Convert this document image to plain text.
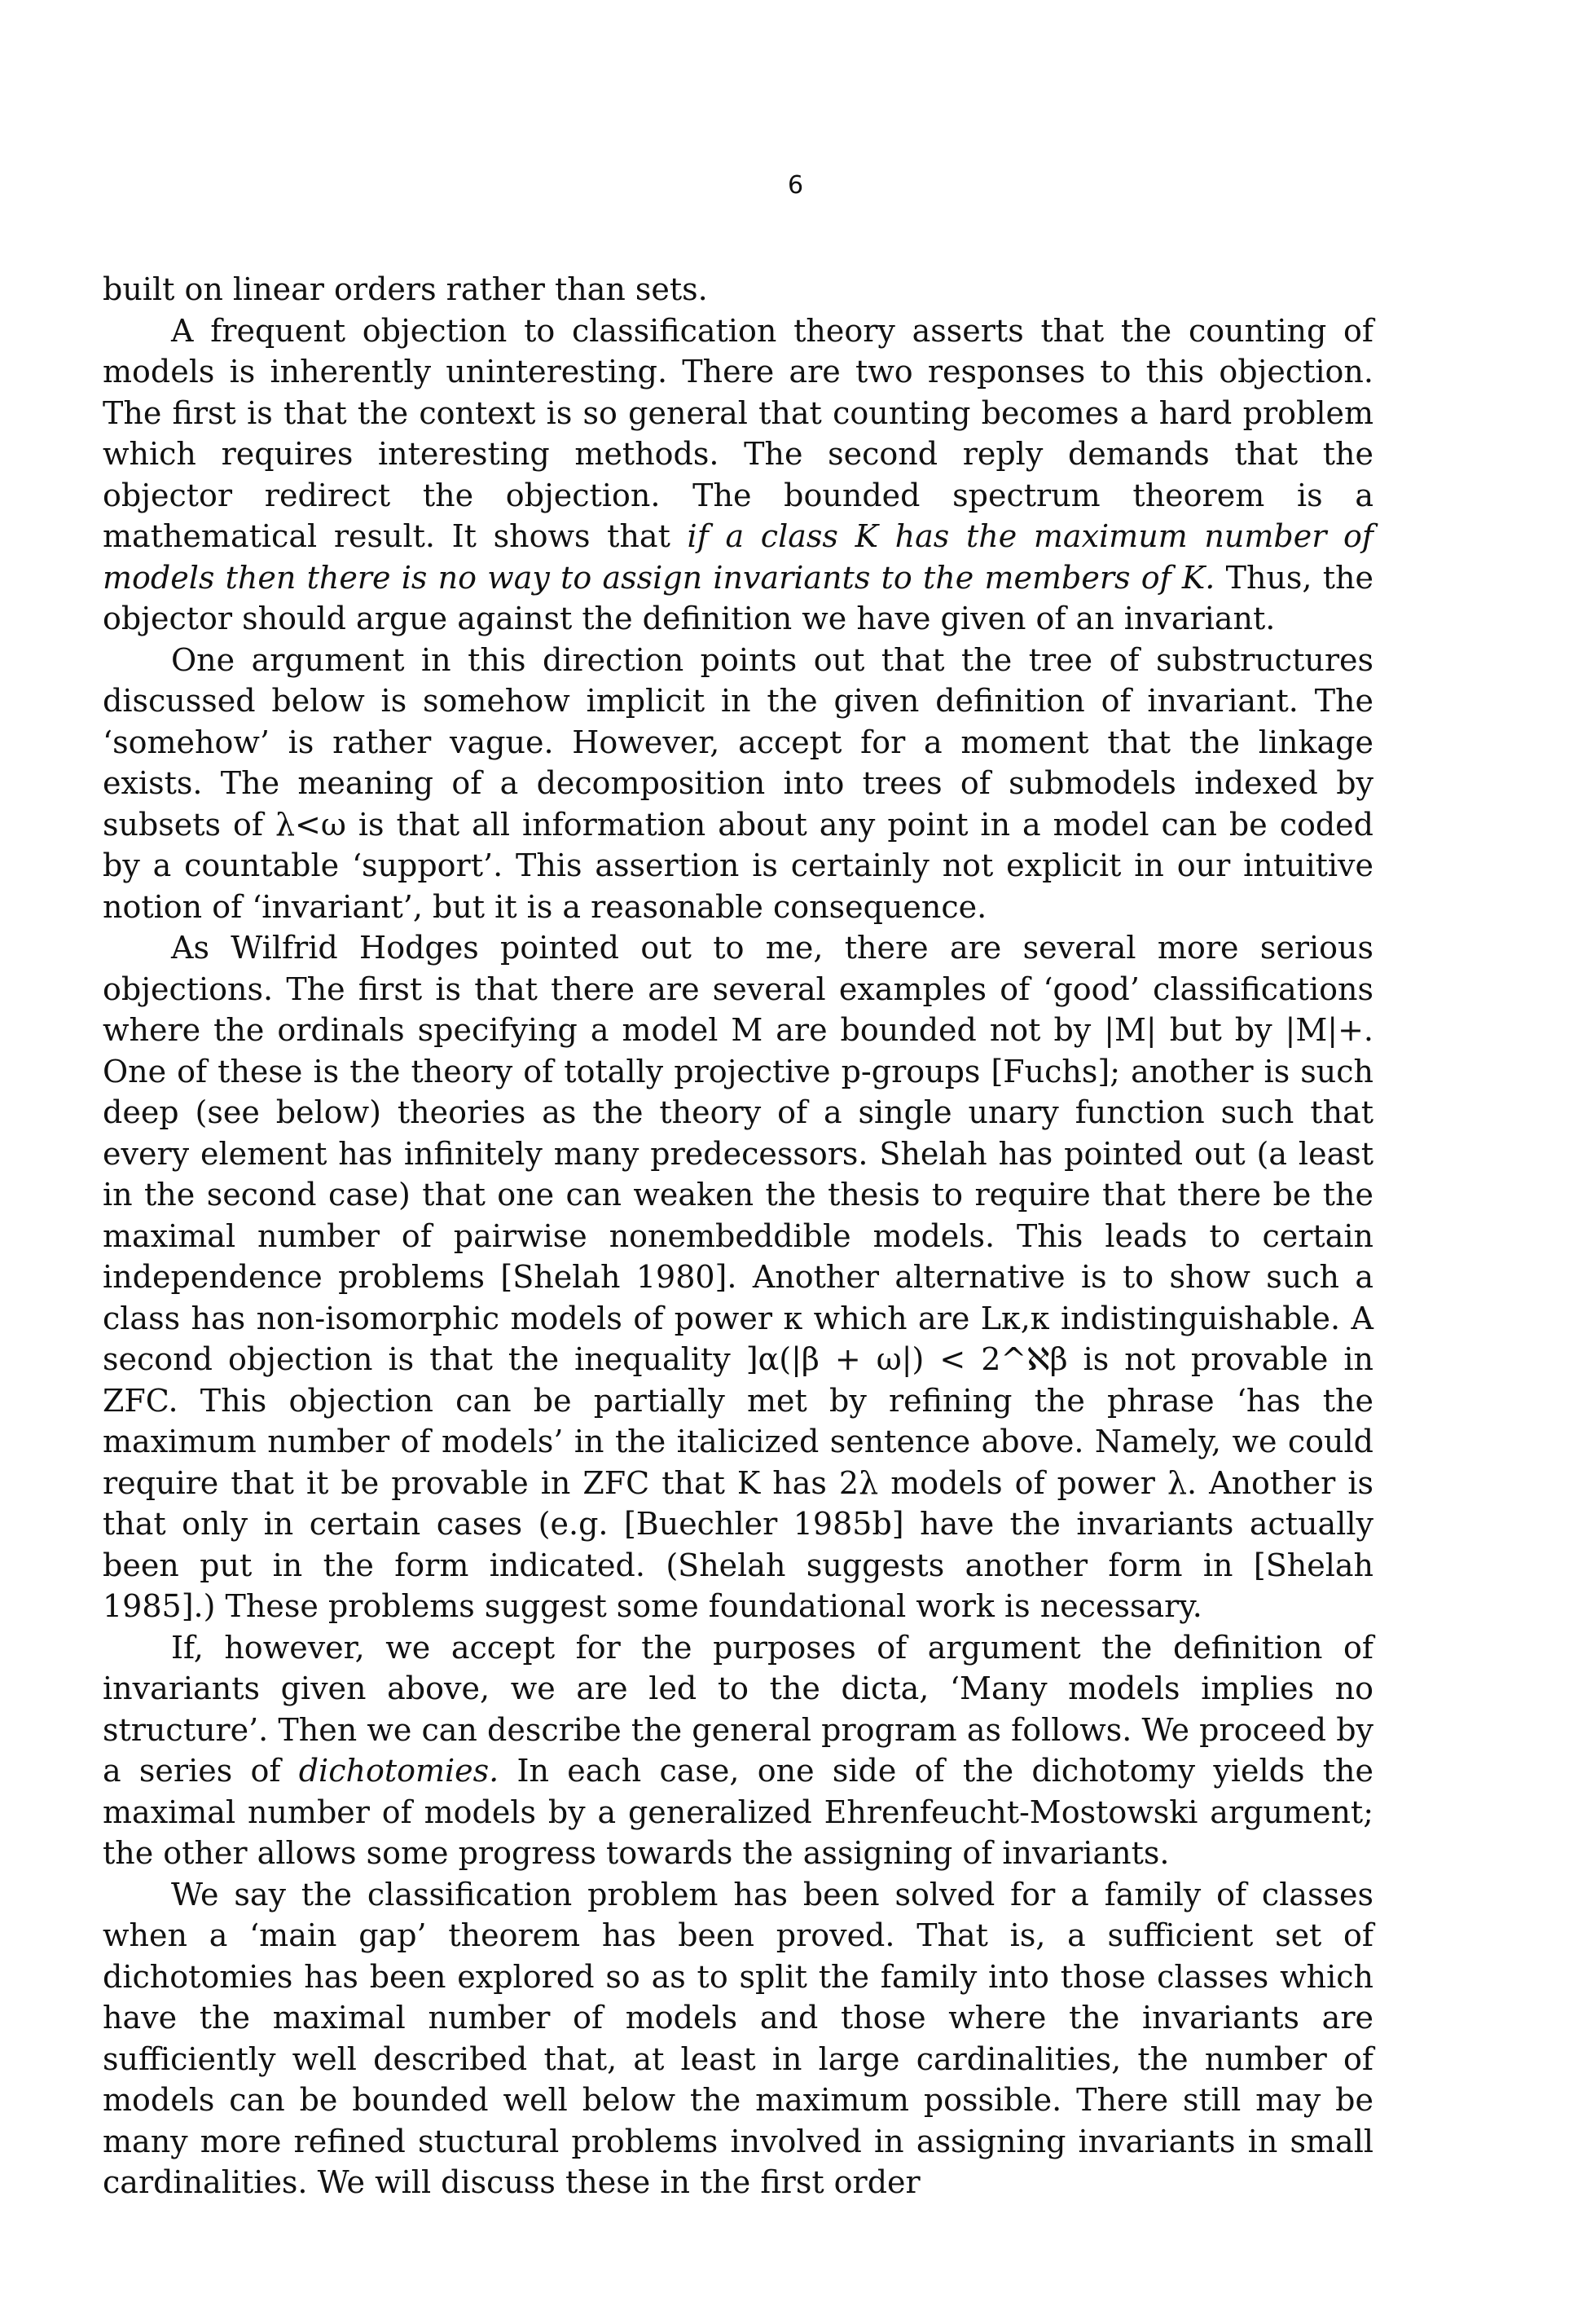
6

built on linear orders rather than sets.

A frequent objection to classification theory asserts that the counting of models is inherently uninteresting. There are two responses to this objection. The first is that the context is so general that counting becomes a hard problem which requires interesting methods. The second reply demands that the objector redirect the objection. The bounded spectrum theorem is a mathematical result. It shows that if a class K has the maximum number of models then there is no way to assign invariants to the members of K. Thus, the objector should argue against the definition we have given of an invariant.

One argument in this direction points out that the tree of substructures discussed below is somehow implicit in the given definition of invariant. The ‘somehow’ is rather vague. However, accept for a moment that the linkage exists. The meaning of a decomposition into trees of submodels indexed by subsets of λ<ω is that all information about any point in a model can be coded by a countable ‘support’. This assertion is certainly not explicit in our intuitive notion of ‘invariant’, but it is a reasonable consequence.

As Wilfrid Hodges pointed out to me, there are several more serious objections. The first is that there are several examples of ‘good’ classifications where the ordinals specifying a model M are bounded not by |M| but by |M|+. One of these is the theory of totally projective p-groups [Fuchs]; another is such deep (see below) theories as the theory of a single unary function such that every element has infinitely many predecessors. Shelah has pointed out (a least in the second case) that one can weaken the thesis to require that there be the maximal number of pairwise nonembeddible models. This leads to certain independence problems [Shelah 1980]. Another alternative is to show such a class has non-isomorphic models of power κ which are Lκ,κ indistinguishable. A second objection is that the inequality ]α(|β + ω|) < 2^ℵβ is not provable in ZFC. This objection can be partially met by refining the phrase ‘has the maximum number of models’ in the italicized sentence above. Namely, we could require that it be provable in ZFC that K has 2λ models of power λ. Another is that only in certain cases (e.g. [Buechler 1985b] have the invariants actually been put in the form indicated. (Shelah suggests another form in [Shelah 1985].) These problems suggest some foundational work is necessary.

If, however, we accept for the purposes of argument the definition of invariants given above, we are led to the dicta, ‘Many models implies no structure’. Then we can describe the general program as follows. We proceed by a series of dichotomies. In each case, one side of the dichotomy yields the maximal number of models by a generalized Ehrenfeucht-Mostowski argument; the other allows some progress towards the assigning of invariants.

We say the classification problem has been solved for a family of classes when a ‘main gap’ theorem has been proved. That is, a sufficient set of dichotomies has been explored so as to split the family into those classes which have the maximal number of models and those where the invariants are sufficiently well described that, at least in large cardinalities, the number of models can be bounded well below the maximum possible. There still may be many more refined stuctural problems involved in assigning invariants in small cardinalities. We will discuss these in the first order
